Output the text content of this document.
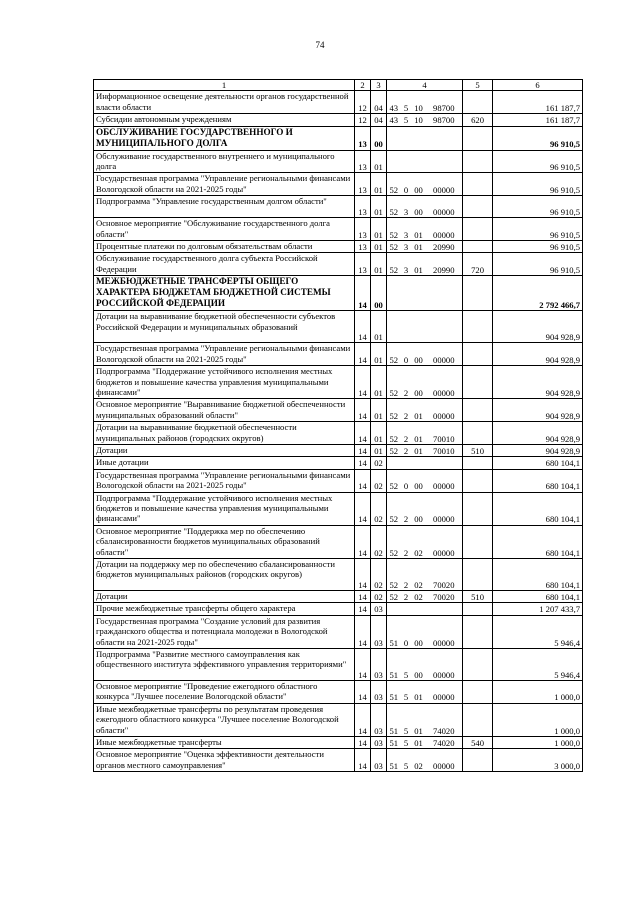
74
1	2	3	4				5	6
Информационное освещение деятельности органов государственной власти области	12	04	43	5	10	98700		161 187,7
Субсидии автономным учреждениям	12	04	43	5	10	98700	620	161 187,7
ОБСЛУЖИВАНИЕ ГОСУДАРСТВЕННОГО И МУНИЦИПАЛЬНОГО ДОЛГА	13	00						96 910,5
Обслуживание государственного внутреннего и муниципального долга	13	01						96 910,5
Государственная программа "Управление региональными финансами Вологодской области на 2021-2025 годы"	13	01	52	0	00	00000		96 910,5
Подпрограмма "Управление государственным долгом области"	13	01	52	3	00	00000		96 910,5
Основное мероприятие "Обслуживание государственного долга области"	13	01	52	3	01	00000		96 910,5
Процентные платежи по долговым обязательствам области	13	01	52	3	01	20990		96 910,5
Обслуживание государственного долга субъекта Российской Федерации	13	01	52	3	01	20990	720	96 910,5
МЕЖБЮДЖЕТНЫЕ ТРАНСФЕРТЫ ОБЩЕГО ХАРАКТЕРА БЮДЖЕТАМ БЮДЖЕТНОЙ СИСТЕМЫ РОССИЙСКОЙ ФЕДЕРАЦИИ	14	00						2 792 466,7
Дотации на выравнивание бюджетной обеспеченности субъектов Российской Федерации и муниципальных образований	14	01						904 928,9
Государственная программа "Управление региональными финансами Вологодской области на 2021-2025 годы"	14	01	52	0	00	00000		904 928,9
Подпрограмма "Поддержание устойчивого исполнения местных бюджетов и повышение качества управления муниципальными финансами"	14	01	52	2	00	00000		904 928,9
Основное мероприятие "Выравнивание бюджетной обеспеченности муниципальных образований области"	14	01	52	2	01	00000		904 928,9
Дотации на выравнивание бюджетной обеспеченности муниципальных районов (городских округов)	14	01	52	2	01	70010		904 928,9
Дотации	14	01	52	2	01	70010	510	904 928,9
Иные дотации	14	02						680 104,1
Государственная программа "Управление региональными финансами Вологодской области на 2021-2025 годы"	14	02	52	0	00	00000		680 104,1
Подпрограмма "Поддержание устойчивого исполнения местных бюджетов и повышение качества управления муниципальными финансами"	14	02	52	2	00	00000		680 104,1
Основное мероприятие "Поддержка мер по обеспечению сбалансированности бюджетов муниципальных образований области"	14	02	52	2	02	00000		680 104,1
Дотации на поддержку мер по обеспечению сбалансированности бюджетов муниципальных районов (городских округов)	14	02	52	2	02	70020		680 104,1
Дотации	14	02	52	2	02	70020	510	680 104,1
Прочие межбюджетные трансферты общего характера	14	03						1 207 433,7
Государственная программа "Создание условий для развития гражданского общества и потенциала молодежи в Вологодской области на 2021-2025 годы"	14	03	51	0	00	00000		5 946,4
Подпрограмма "Развитие местного самоуправления как общественного института эффективного управления территориями"	14	03	51	5	00	00000		5 946,4
Основное мероприятие "Проведение ежегодного областного конкурса "Лучшее поселение Вологодской области"	14	03	51	5	01	00000		1 000,0
Иные межбюджетные трансферты по результатам проведения ежегодного областного конкурса "Лучшее поселение Вологодской области"	14	03	51	5	01	74020		1 000,0
Иные межбюджетные трансферты	14	03	51	5	01	74020	540	1 000,0
Основное мероприятие "Оценка эффективности деятельности органов местного самоуправления"	14	03	51	5	02	00000		3 000,0
